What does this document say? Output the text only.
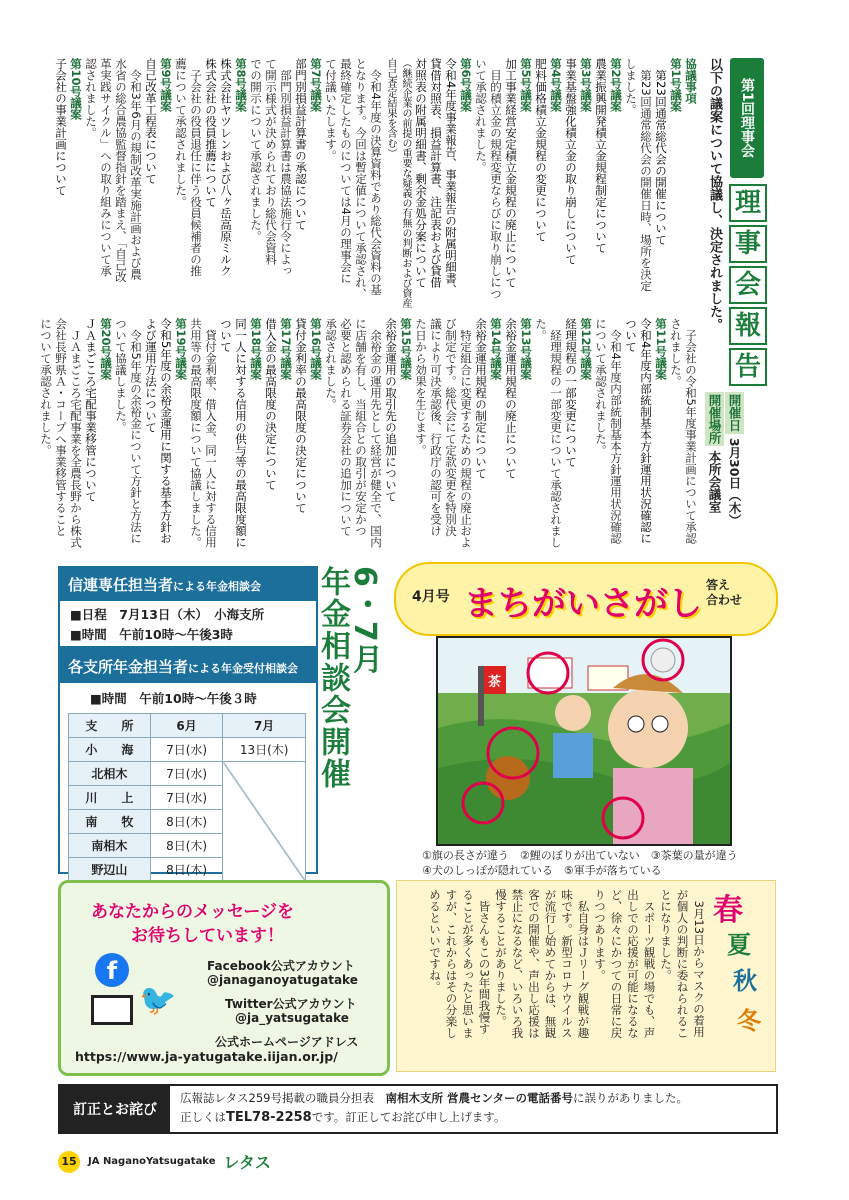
第1回理事会
理
事
会
報
告
開催日 3月30日（木）
開催場所 本所会議室
以下の議案について協議し、決定されました。
協議事項
第1号議案
　第23回通常総代会の開催について
　第23回通常総代会の開催日時、場所を決定
しました。
第2号議案
農業振興開発積立金規程制定について
第3号議案
事業基盤強化積立金の取り崩しについて
第4号議案
肥料価格積立金規程の変更について
第5号議案
加工事業経営安定積立金規程の廃止について
　目的積立金の規程変更ならびに取り崩しにつ
いて承認されました。
第6号議案
令和4年度事業報告、事業報告の附属明細書、
貸借対照表、損益計算書、注記表および貸借
対照表の附属明細書、剰余金処分案について
（継続企業の前提の重要な疑義の有無の判断および資産
自己査定結果を含む）
　令和4年度の決算資料であり総代会資料の基
となります。今回は暫定値について承認され、
最終確定したものについては4月の理事会に
て付議いたします。
第7号議案
部門別損益計算書の承認について
　部門別損益計算書は農協法施行令によっ
て開示様式が決められており総代会資料
での開示について承認されました。
第8号議案
株式会社ヤツレンおよび八ヶ岳高原ミルク
株式会社の役員推薦について
　子会社の役員退任に伴う役員候補者の推
薦について承認されました。
第9号議案
自己改革工程表について
　令和3年6月の規制改革実施計画および農
水省の総合農協監督指針を踏まえ、「自己改
革実践サイクル」への取り組みについて承
認されました。
第10号議案
子会社の事業計画について
　子会社の令和5年度事業計画について承認
されました。
第11号議案
令和4年度内部統制基本方針運用状況確認に
ついて
　令和4年度内部統制基本方針運用状況確認
について承認されました。
第12号議案
経理規程の一部変更について
　経理規程の一部変更について承認されました。
第13号議案
余裕金運用規程の廃止について
第14号議案
余裕金運用規程の制定について
　特定組合に変更するための規程の廃止およ
び制定です。総代会にて定款変更を特別決
議により可決承認後、行政庁の認可を受け
た日から効果を生じます。
第15号議案
余裕金運用の取引先の追加について
　余裕金の運用先として経営が健全で、国内
に店舗を有し、当組合との取引が安定かつ
必要と認められる証券会社の追加について
承認されました。
第16号議案
貸付金利率の最高限度の決定について
第17号議案
借入金の最高限度の決定について
第18号議案
同一人に対する信用の供与等の最高限度額に
ついて
　貸付金利率、借入金、同一人に対する信用
共用等の最高限度額について協議しました。
第19号議案
令和5年度の余裕金運用に関する基本方針お
よび運用方法について
　令和5年度の余裕金について方針と方法に
ついて協議しました。
第20号議案
ＪＡまごころ宅配事業移管について
　ＪＡまごころ宅配事業を全農長野から株式
会社長野県Ａ・コープへ事業移管すること
について承認されました。
信連専任担当者による年金相談会
■日程　7月13日（木）　小海支所
■時間　午前10時〜午後3時
各支所年金担当者による年金受付相談会
■時間　午前10時〜午後３時
支　　所	6月	7月
小　　海	7日(水)	13日(木)
北相木	7日(水)	
川　　上	7日(水)	
南　　牧	8日(木)	
南相木	8日(木)	
野辺山	8日(木)	
6・7月
年金相談会開催	4月号 まちがいさがし 答え
合わせ
茶
①旗の長さが違う　②鯉のぼりが出ていない　③茶葉の量が違う
④犬のしっぽが隠れている　⑤軍手が落ちている
あなたからのメッセージを
お待ちしています！
f
🐦
Facebook公式アカウント
@janaganoyatugatake
Twitter公式アカウント
@ja_yatsugatake
公式ホームページアドレス
https://www.ja-yatugatake.iijan.or.jp/
春
夏
秋
冬
　3月13日からマスクの着用
が個人の判断に委ねられるこ
とになりました。
　スポーツ観戦の場でも、声
出しでの応援が可能になるな
ど、徐々にかつての日常に戻
りつつあります。
　私自身はＪリーグ観戦が趣
味です。新型コロナウイルス
が流行し始めてからは、無観
客での開催や、声出し応援は
禁止になるなど、いろいろ我
慢することがありました。
　皆さんもこの3年間我慢す
ることが多くあったと思いま
すが、これからはその分楽し
めるといいですね。
訂正とお詫び
広報誌レタス259号掲載の職員分担表　南相木支所 営農センターの電話番号に誤りがありました。
正しくはTEL78-2258です。訂正してお詫び申し上げます。
15	JA NaganoYatsugatake レタス
